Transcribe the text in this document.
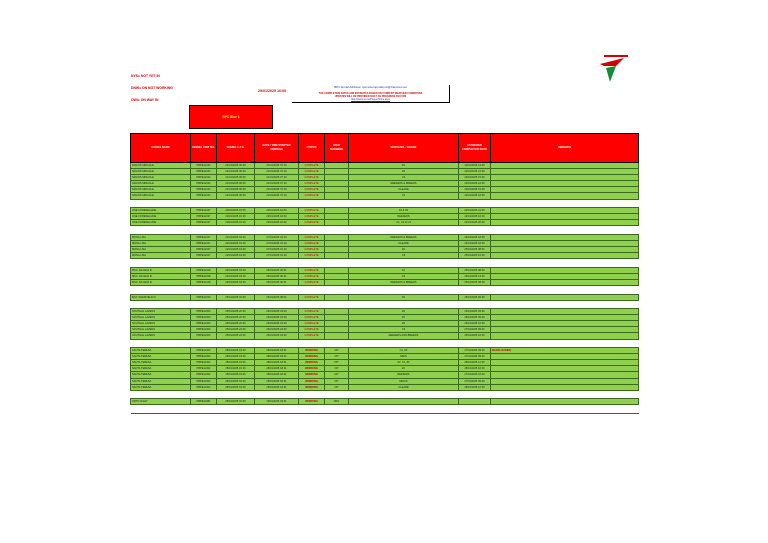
NYS= NOT YET IN
DNW= ON NOT WORKING
OWI= ON WAY IN
29/01/2025 16:00
BPC Email Address: tpsi.sctemporations@transnet.net
THE COMPLETION DATES ARE ESTIMATES BASED ON CURRENT WEATHER CONDITIONS
UPDATES WILL BE PROVIDED DAILY AS PROGRESS OCCURS
http://transnet.net/Pages/Home.aspx
BPC Blue 1
VESSEL NAME	VESSEL VISIT NO.	VESSEL E.T.A.	DATE / TIME STARTED WORKING	STATUS	HOLD NUMBERS	BERTH NO. / GRADE	ESTIMATED COMPLETION DATE	REMARKS
NAVIOS MIRACLE	PBPE11344	21/01/2025 06:00	21/01/2025 07:19	COMPLETE		#2	22/01/2025 19:00	
NAVIOS MIRACLE	PBPE11344	21/01/2025 06:00	21/01/2025 07:19	COMPLETE		#3	22/01/2025 21:00	
NAVIOS MIRACLE	PBPE11344	21/01/2025 06:00	21/01/2025 07:19	COMPLETE		C3	23/01/2025 15:00	
NAVIOS MIRACLE	PBPE11344	21/01/2025 06:00	21/01/2025 07:19	COMPLETE		REEFERS & BREEDS	22/01/2025 16:00	
NAVIOS MIRACLE	PBPE11344	21/01/2025 06:00	21/01/2025 07:19	COMPLETE		CLEARE	23/01/2025 15:00	
NAVIOS MIRACLE	PBPE11344	21/01/2025 06:00	21/01/2025 07:19	COMPLETE		C1	23/01/2025 16:00	

ONE FORESEAUDE	PBPE11347	20/01/2025 15:00	23/01/2025 10:00	COMPLETE		#2 & #3	22/01/2025 21:00	
ONE FORESEAUDE	PBPE11347	20/01/2025 15:00	23/01/2025 10:00	COMPLETE		REEFERS	22/01/2025 16:00	
ONE FORESEAUDE	PBPE11347	20/01/2025 15:00	23/01/2025 10:00	COMPLETE		C1, C2 & C3	22/01/2025 20:00	

MONA LISA	PBPE11327	22/01/2025 19:00	27/01/2025 01:19	COMPLETE		REEFERS & BREEDS	24/01/2025 18:00	
MONA LISA	PBPE11327	22/01/2025 19:00	27/01/2025 01:19	COMPLETE		CLEARE	24/01/2025 18:00	
MONA LISA	PBPE11327	22/01/2025 19:00	27/01/2025 01:19	COMPLETE		#2	25/01/2025 08:00	
MONA LISA	PBPE11327	22/01/2025 19:00	27/01/2025 01:19	COMPLETE		C3	25/01/2025 15:00	

MSC JULIANA III	PBPE11328	24/01/2025 18:00	25/01/2025 00:31	COMPLETE		#2	25/01/2025 08:00	
MSC JULIANA III	PBPE11328	24/01/2025 18:00	25/01/2025 00:31	COMPLETE		C3	25/01/2025 13:00	
MSC JULIANA III	PBPE11328	24/01/2025 18:00	25/01/2025 00:31	COMPLETE		REEFERS & BREEDS	25/01/2025 08:00	

MSC SHEFFIELD III	PBPE11329	25/01/2025 01:00	25/01/2025 08:01	COMPLETE		#2	26/01/2025 06:00	

SOUTHAL LAVENS	PBPE11300	25/01/2025 22:00	26/01/2025 23:00	COMPLETE		#3	26/01/2025 09:00	
SOUTHAL LAVENS	PBPE11300	25/01/2025 22:00	26/01/2025 23:00	COMPLETE		#2	26/01/2025 09:00	
SOUTHAL LAVENS	PBPE11300	25/01/2025 22:00	26/01/2025 23:00	COMPLETE		#5	26/01/2025 16:00	
SOUTHAL LAVENS	PBPE11300	25/01/2025 22:00	26/01/2025 23:00	COMPLETE		C3	27/01/2025 09:00	
SOUTHAL LAVENS	PBPE11300	25/01/2025 22:00	26/01/2025 23:00	COMPLETE		REEFERS AND BREEDS	26/01/2025 16:00	

SANTA TERESA	PBPE11302	28/01/2025 19:00	28/01/2025 18:31	WORKING	OIT	C1, #3	27/01/2025 09:00	BACKLOADING
SANTA TERESA	PBPE11302	28/01/2025 19:00	28/01/2025 18:31	WORKING	OIT	MIDS	27/01/2025 09:00	
SANTA TERESA	PBPE11302	28/01/2025 19:00	28/01/2025 18:31	WORKING	OIT	#2, C1, #3	28/01/2025 12:00	
SANTA TERESA	PBPE11302	28/01/2025 19:00	28/01/2025 18:31	WORKING	OIT	#2	28/01/2025 16:00	
SANTA TERESA	PBPE11302	28/01/2025 19:00	28/01/2025 18:31	WORKING	OIT	REEFERS	27/01/2025 16:00	
SANTA TERESA	PBPE11302	28/01/2025 19:00	28/01/2025 18:31	WORKING	OIT	MIDAS	27/01/2025 09:00	
SANTA TERESA	PBPE11302	28/01/2025 19:00	28/01/2025 18:31	WORKING	OIT	CLEARE	28/01/2025 12:00	

ORTO LIGHT	PBPE11381	28/01/2025 01:00	29/01/2025 03:31	WORKING	NSO			
